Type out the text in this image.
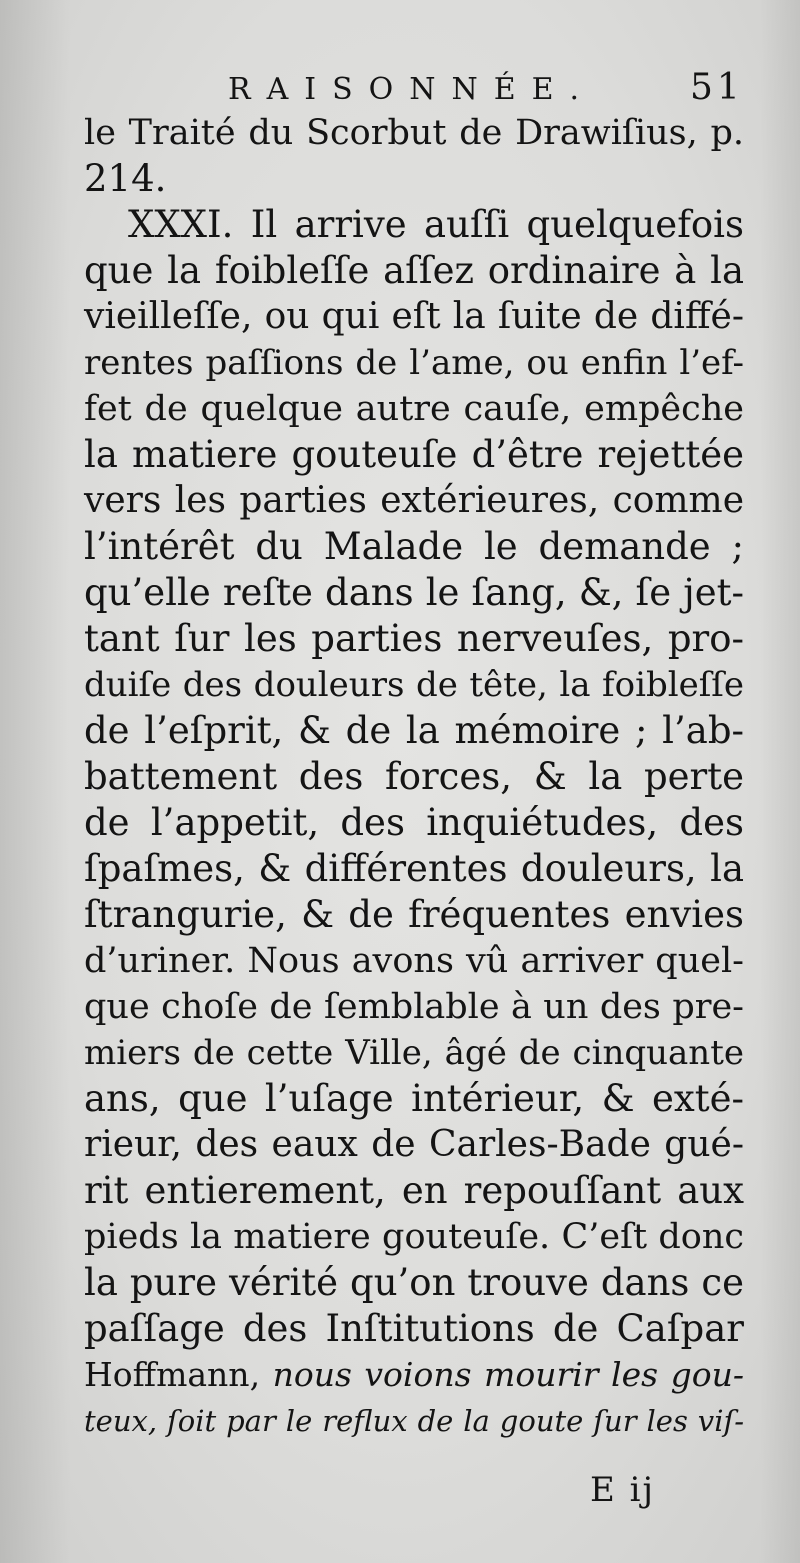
RAISONNÉE.	51
le Traité du Scorbut de Drawiſius, p.
214.
XXXI. Il arrive auſſi quelquefois
que la foibleſſe aſſez ordinaire à la
vieilleſſe, ou qui eſt la ſuite de diffé-
rentes paſſions de l’ame, ou enfin l’ef-
fet de quelque autre cauſe, empêche
la matiere gouteuſe d’être rejettée
vers les parties extérieures, comme
l’intérêt du Malade le demande ;
qu’elle reſte dans le ſang, &, ſe jet-
tant ſur les parties nerveuſes, pro-
duiſe des douleurs de tête, la foibleſſe
de l’eſprit, & de la mémoire ; l’ab-
battement des forces, & la perte
de l’appetit, des inquiétudes, des
ſpaſmes, & différentes douleurs, la
ſtrangurie, & de fréquentes envies
d’uriner. Nous avons vû arriver quel-
que choſe de ſemblable à un des pre-
miers de cette Ville, âgé de cinquante
ans, que l’uſage intérieur, & exté-
rieur, des eaux de Carles-Bade gué-
rit entierement, en repouſſant aux
pieds la matiere gouteuſe. C’eſt donc
la pure vérité qu’on trouve dans ce
paſſage des Inſtitutions de Caſpar
Hoffmann, nous voions mourir les gou-
teux, ſoit par le reflux de la goute ſur les viſ-
E ij
